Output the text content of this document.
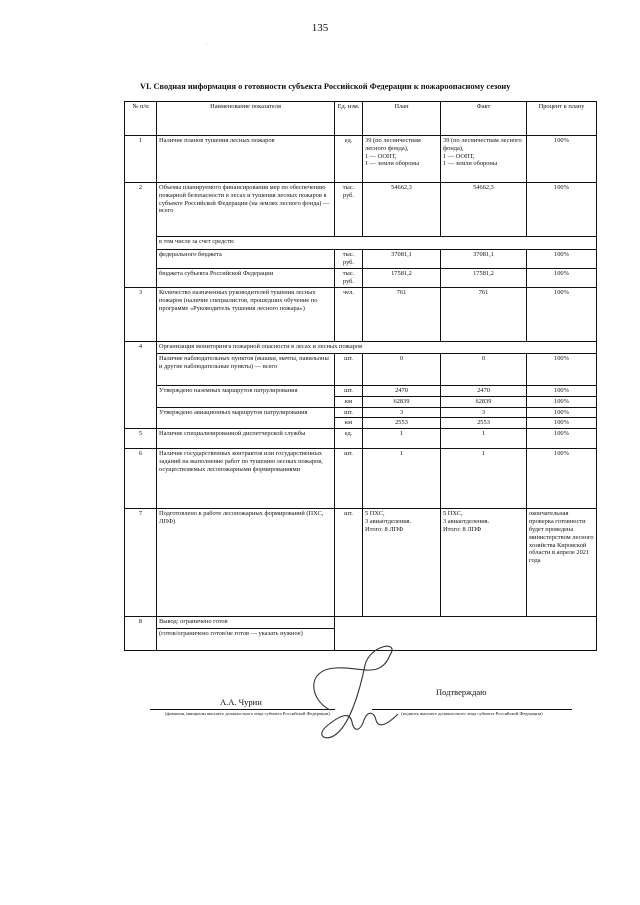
135
VI. Сводная информация о готовности субъекта Российской Федерации к пожароопасному сезону
·
№ п/п	Наименование показателя	Ед. изм.	План	Факт	Процент к плану
1	Наличие планов тушения лесных пожаров	ед.	39 (по лесничествам лесного фонда),
1 — ООПТ,
1 — земли обороны	39 (по лесничествам лесного фонда),
1 — ООПТ,
1 — земли обороны	100%
2	Объемы планируемого финансирования мер по обеспечению пожарной безопасности в лесах и тушения лесных пожаров в субъекте Российской Федерации (на землях лесного фонда) — всего	тыс. руб.	54662,3	54662,3	100%
	в том числе за счет средств:				
	федерального бюджета	тыс. руб.	37081,1	37081,1	100%
	бюджета субъекта Российской Федерации	тыс. руб.	17581,2	17581,2	100%
3	Количество назначенных руководителей тушения лесных пожаров (наличие специалистов, прошедших обучение по программе «Руководитель тушения лесного пожара»)	чел.	761	761	100%
4	Организация мониторинга пожарной опасности в лесах и лесных пожаров				
	Наличие наблюдательных пунктов (вышки, мачты, павильоны и другие наблюдательные пункты) — всего	шт.	0	0	100%
	Утверждено наземных маршрутов патрулирования	шт.	2470	2470	100%
		км	62839	62839	100%
	Утверждено авиационных маршрутов патрулирования	шт.	3	3	100%
		км	2553	2553	100%
5	Наличие специализированной диспетчерской службы	ед.	1	1	100%
6	Наличие государственных контрактов или государственных заданий на выполнение работ по тушению лесных пожаров, осуществляемых лесопожарными формированиями	шт.	1	1	100%
7	Подготовлено к работе лесопожарных формирований (ПХС, ЛПФ)	шт.	5 ПХС,
3 авиаотделения.
Итого: 8 ЛПФ	5 ПХС,
3 авиаотделения.
Итого: 8 ЛПФ	окончательная проверка готовности будет проведена министерством лесного хозяйства Кировской области в апреле 2021 года
8	Вывод: ограничено готов				
	(готов/ограничено готов/не готов — указать нужное)				
Подтверждаю
А.А. Чурин
(фамилия, инициалы высшего должностного лица субъекта Российской Федерации)	(подпись высшего должностного лица субъекта Российской Федерации)
